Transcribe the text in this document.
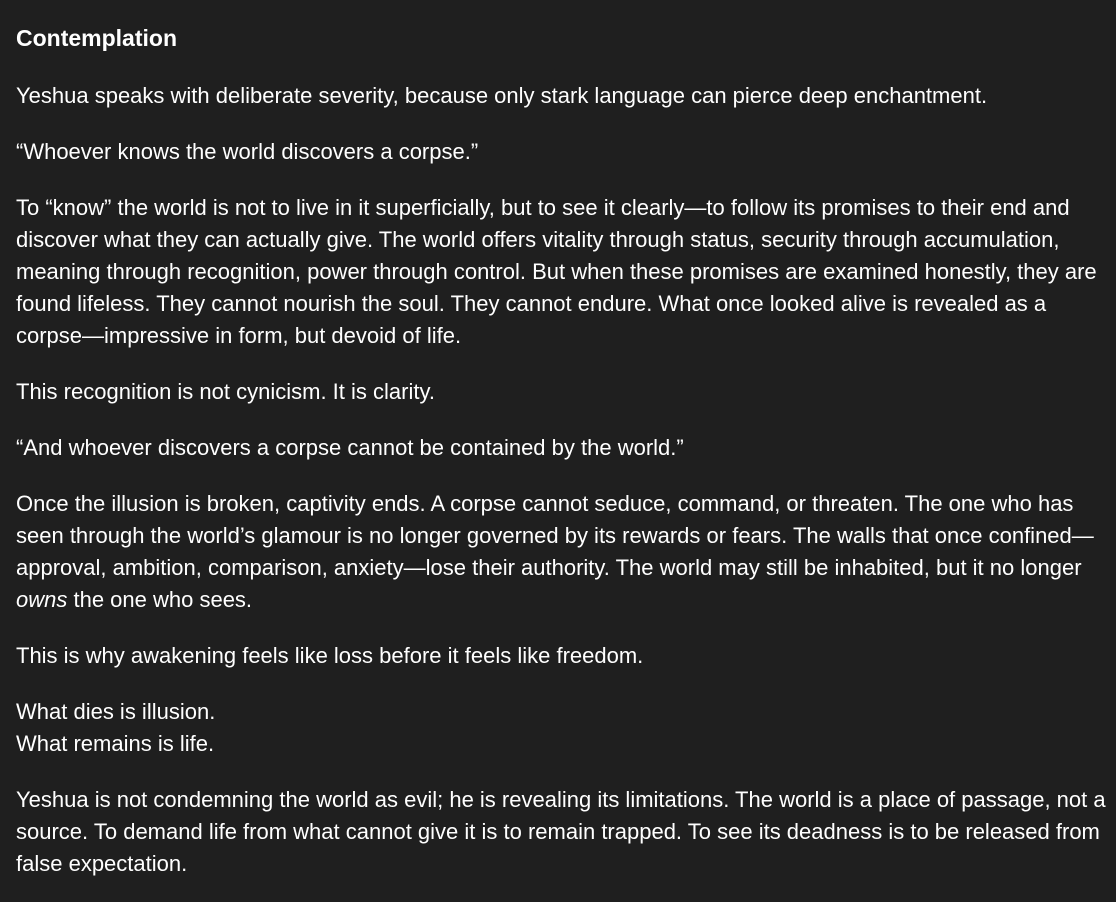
Contemplation

Yeshua speaks with deliberate severity, because only stark language can pierce deep enchantment.

“Whoever knows the world discovers a corpse.”

To “know” the world is not to live in it superficially, but to see it clearly—to follow its promises to their end and discover what they can actually give. The world offers vitality through status, security through accumulation, meaning through recognition, power through control. But when these promises are examined honestly, they are found lifeless. They cannot nourish the soul. They cannot endure. What once looked alive is revealed as a corpse—impressive in form, but devoid of life.

This recognition is not cynicism. It is clarity.

“And whoever discovers a corpse cannot be contained by the world.”

Once the illusion is broken, captivity ends. A corpse cannot seduce, command, or threaten. The one who has seen through the world’s glamour is no longer governed by its rewards or fears. The walls that once confined—approval, ambition, comparison, anxiety—lose their authority. The world may still be inhabited, but it no longer owns the one who sees.

This is why awakening feels like loss before it feels like freedom.

What dies is illusion.
What remains is life.

Yeshua is not condemning the world as evil; he is revealing its limitations. The world is a place of passage, not a source. To demand life from what cannot give it is to remain trapped. To see its deadness is to be released from false expectation.
